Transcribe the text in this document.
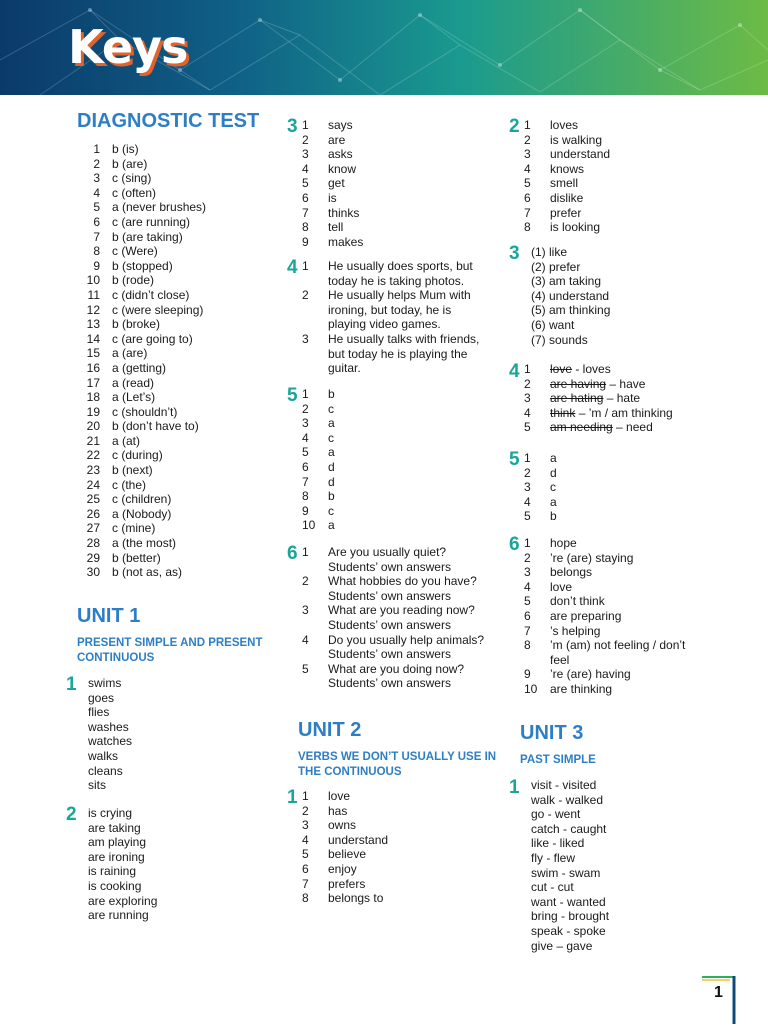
Keys
DIAGNOSTIC TEST
1	b (is)
2	b (are)
3	c (sing)
4	c (often)
5	a (never brushes)
6	c (are running)
7	b (are taking)
8	c (Were)
9	b (stopped)
10	b (rode)
11	c (didn’t close)
12	c (were sleeping)
13	b (broke)
14	c (are going to)
15	a (are)
16	a (getting)
17	a (read)
18	a (Let’s)
19	c (shouldn’t)
20	b (don’t have to)
21	a (at)
22	c (during)
23	b (next)
24	c (the)
25	c (children)
26	a (Nobody)
27	c (mine)
28	a (the most)
29	b (better)
30	b (not as, as)
UNIT 1
PRESENT SIMPLE AND PRESENT CONTINUOUS
1 swims
goes
flies
washes
watches
walks
cleans
sits
2 is crying
are taking
am playing
are ironing
is raining
is cooking
are exploring
are running
3 1	says
2	are
3	asks
4	know
5	get
6	is
7	thinks
8	tell
9	makes
4 1	He usually does sports, but
today he is taking photos.
2	He usually helps Mum with
ironing, but today, he is
playing video games.
3	He usually talks with friends,
but today he is playing the
guitar.
5 1	b
2	c
3	a
4	c
5	a
6	d
7	d
8	b
9	c
10	a
6 1	Are you usually quiet?
Students’ own answers
2	What hobbies do you have?
Students’ own answers
3	What are you reading now?
Students’ own answers
4	Do you usually help animals?
Students’ own answers
5	What are you doing now?
Students’ own answers
UNIT 2
VERBS WE DON’T USUALLY USE IN THE CONTINUOUS
1 1	love
2	has
3	owns
4	understand
5	believe
6	enjoy
7	prefers
8	belongs to
2 1	loves
2	is walking
3	understand
4	knows
5	smell
6	dislike
7	prefer
8	is looking
3 (1) like
(2) prefer
(3) am taking
(4) understand
(5) am thinking
(6) want
(7) sounds
4 1	love - loves
2	are having – have
3	are hating – hate
4	think – ’m / am thinking
5	am needing – need
5 1	a
2	d
3	c
4	a
5	b
6 1	hope
2	’re (are) staying
3	belongs
4	love
5	don’t think
6	are preparing
7	’s helping
8	’m (am) not feeling / don’t
feel
9	’re (are) having
10	are thinking
UNIT 3
PAST SIMPLE
1 visit - visited
walk - walked
go - went
catch - caught
like - liked
fly - flew
swim - swam
cut - cut
want - wanted
bring - brought
speak - spoke
give – gave
1
